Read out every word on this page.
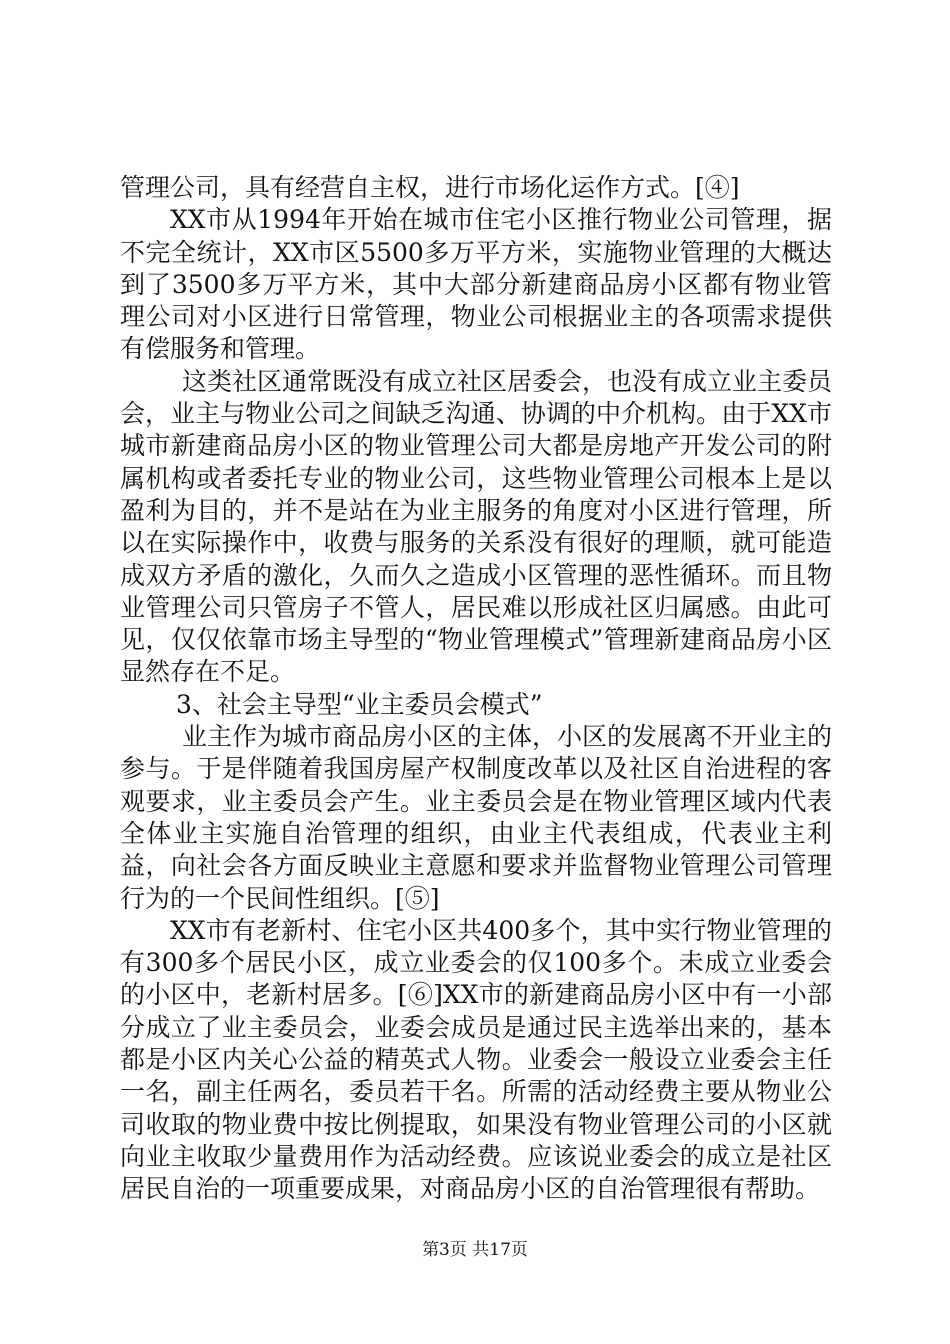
管理公司，具有经营自主权，进行市场化运作方式。[④]

XX市从1994年开始在城市住宅小区推行物业公司管理，据不完全统计，XX市区5500多万平方米，实施物业管理的大概达到了3500多万平方米，其中大部分新建商品房小区都有物业管理公司对小区进行日常管理，物业公司根据业主的各项需求提供有偿服务和管理。

这类社区通常既没有成立社区居委会，也没有成立业主委员会，业主与物业公司之间缺乏沟通、协调的中介机构。由于XX市城市新建商品房小区的物业管理公司大都是房地产开发公司的附属机构或者委托专业的物业公司，这些物业管理公司根本上是以盈利为目的，并不是站在为业主服务的角度对小区进行管理，所以在实际操作中，收费与服务的关系没有很好的理顺，就可能造成双方矛盾的激化，久而久之造成小区管理的恶性循环。而且物业管理公司只管房子不管人，居民难以形成社区归属感。由此可见，仅仅依靠市场主导型的“物业管理模式”管理新建商品房小区显然存在不足。

3、社会主导型“业主委员会模式”

业主作为城市商品房小区的主体，小区的发展离不开业主的参与。于是伴随着我国房屋产权制度改革以及社区自治进程的客观要求，业主委员会产生。业主委员会是在物业管理区域内代表全体业主实施自治管理的组织，由业主代表组成，代表业主利益，向社会各方面反映业主意愿和要求并监督物业管理公司管理行为的一个民间性组织。[⑤]

XX市有老新村、住宅小区共400多个，其中实行物业管理的有300多个居民小区，成立业委会的仅100多个。未成立业委会的小区中，老新村居多。[⑥]XX市的新建商品房小区中有一小部分成立了业主委员会，业委会成员是通过民主选举出来的，基本都是小区内关心公益的精英式人物。业委会一般设立业委会主任一名，副主任两名，委员若干名。所需的活动经费主要从物业公司收取的物业费中按比例提取，如果没有物业管理公司的小区就向业主收取少量费用作为活动经费。应该说业委会的成立是社区居民自治的一项重要成果，对商品房小区的自治管理很有帮助。

第3页 共17页
